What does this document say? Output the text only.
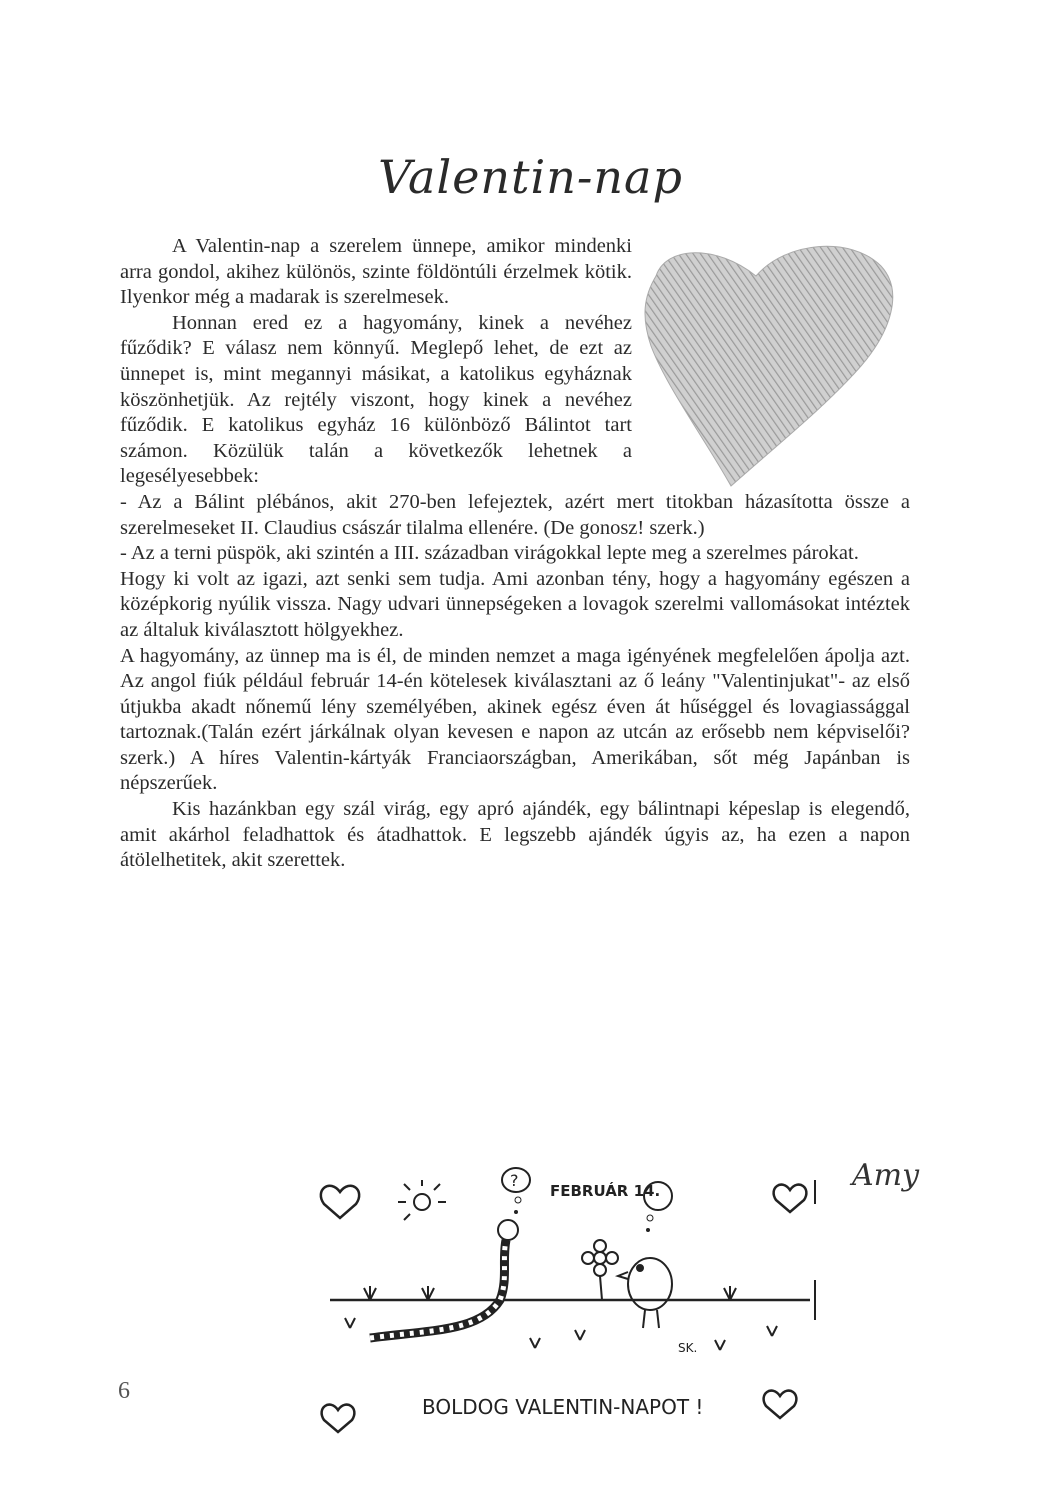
Valentin-nap

A Valentin-nap a szerelem ünnepe, amikor mindenki arra gondol, akihez különös, szinte földöntúli érzelmek kötik. Ilyenkor még a madarak is szerelmesek.

Honnan ered ez a hagyomány, kinek a nevéhez fűződik? E válasz nem könnyű. Meglepő lehet, de ezt az ünnepet is, mint megannyi másikat, a katolikus egyháznak köszönhetjük. Az rejtély viszont, hogy kinek a nevéhez fűződik. E katolikus egyház 16 különböző Bálintot tart számon. Közülük talán a következők lehetnek a legesélyesebbek:

- Az a Bálint plébános, akit 270-ben lefejeztek, azért mert titokban házasította össze a szerelmeseket II. Claudius császár tilalma ellenére. (De gonosz! szerk.)

- Az a terni püspök, aki szintén a III. században virágokkal lepte meg a szerelmes párokat.

Hogy ki volt az igazi, azt senki sem tudja. Ami azonban tény, hogy a hagyomány egészen a középkorig nyúlik vissza. Nagy udvari ünnepségeken a lovagok szerelmi vallomásokat intéztek az általuk kiválasztott hölgyekhez.

A hagyomány, az ünnep ma is él, de minden nemzet a maga igényének megfelelően ápolja azt. Az angol fiúk például február 14-én kötelesek kiválasztani az ő leány "Valentinjukat"- az első útjukba akadt nőnemű lény személyében, akinek egész éven át hűséggel és lovagiassággal tartoznak.(Talán ezért járkálnak olyan kevesen e napon az utcán az erősebb nem képviselői? szerk.) A híres Valentin-kártyák Franciaországban, Amerikában, sőt még Japánban is népszerűek.

Kis hazánkban egy szál virág, egy apró ajándék, egy bálintnapi képeslap is elegendő, amit akárhol feladhattok és átadhattok. E legszebb ajándék úgyis az, ha ezen a napon átölelhetitek, akit szerettek.

Amy
6
FEBRUÁR 14.
?
SK.
BOLDOG VALENTIN-NAPOT !
